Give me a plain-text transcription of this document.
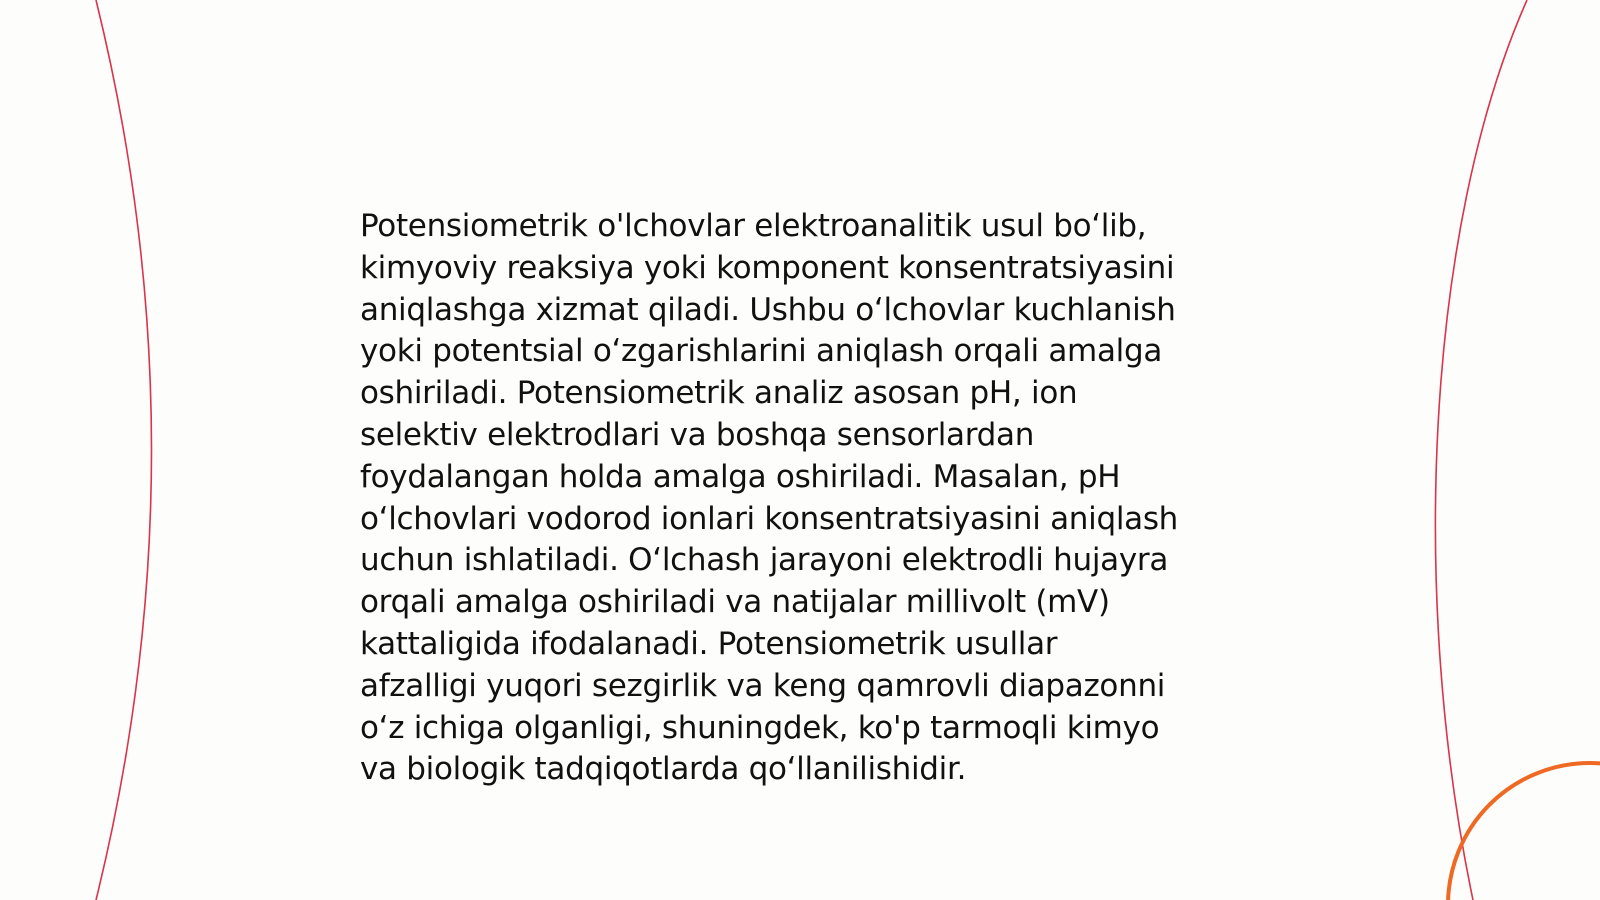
Potensiometrik o'lchovlar elektroanalitik usul bo‘lib,
kimyoviy reaksiya yoki komponent konsentratsiyasini
aniqlashga xizmat qiladi. Ushbu o‘lchovlar kuchlanish
yoki potentsial o‘zgarishlarini aniqlash orqali amalga
oshiriladi. Potensiometrik analiz asosan pH, ion
selektiv elektrodlari va boshqa sensorlardan
foydalangan holda amalga oshiriladi. Masalan, pH
o‘lchovlari vodorod ionlari konsentratsiyasini aniqlash
uchun ishlatiladi. O‘lchash jarayoni elektrodli hujayra
orqali amalga oshiriladi va natijalar millivolt (mV)
kattaligida ifodalanadi. Potensiometrik usullar
afzalligi yuqori sezgirlik va keng qamrovli diapazonni
o‘z ichiga olganligi, shuningdek, ko'p tarmoqli kimyo
va biologik tadqiqotlarda qo‘llanilishidir.
